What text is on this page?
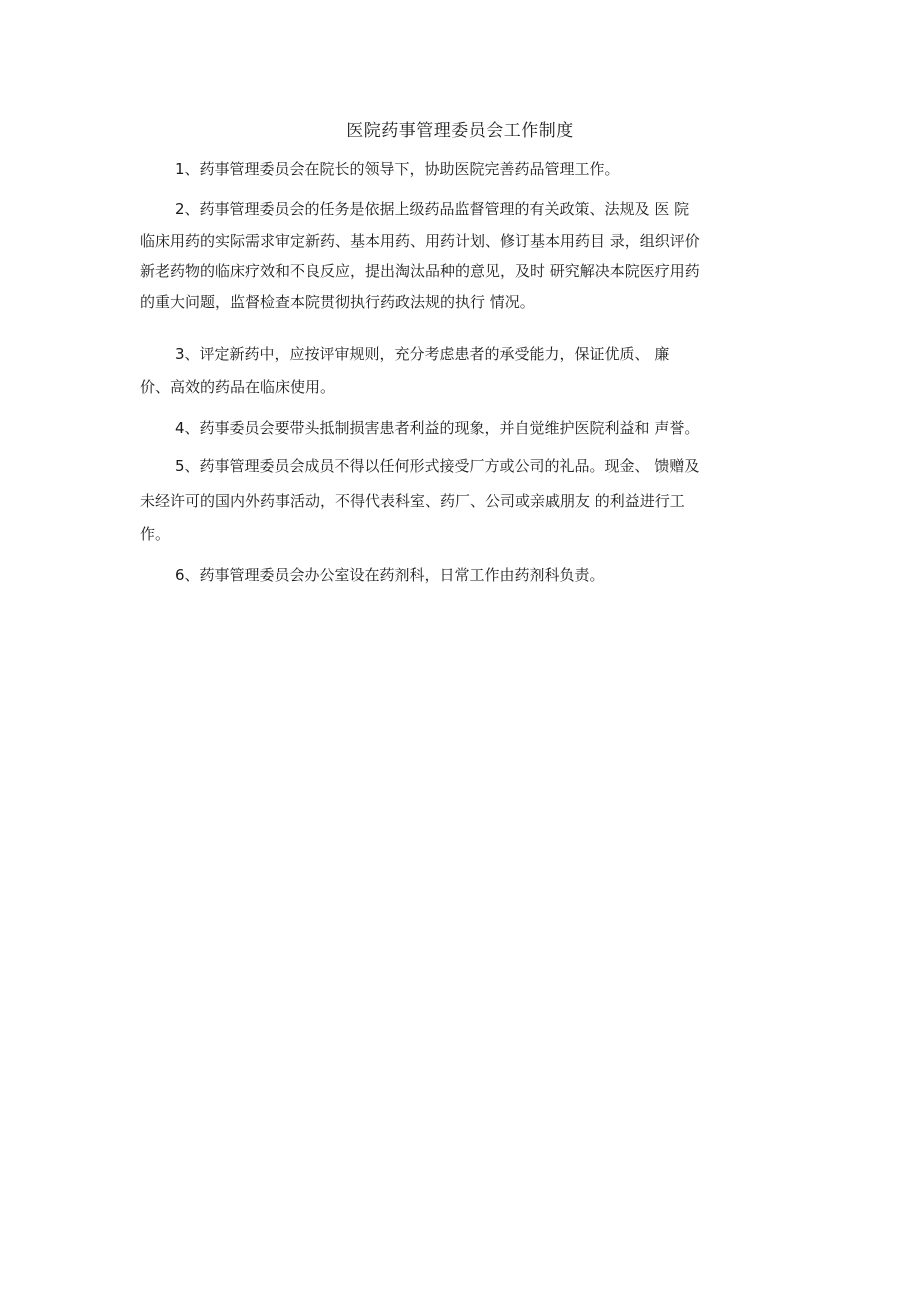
医院药事管理委员会工作制度
1、药事管理委员会在院长的领导下，协助医院完善药品管理工作。
2、药事管理委员会的任务是依据上级药品监督管理的有关政策、法规及 医 院
临床用药的实际需求审定新药、基本用药、用药计划、修订基本用药目 录，组织评价
新老药物的临床疗效和不良反应，提出淘汰品种的意见，及时 研究解决本院医疗用药
的重大问题，监督检查本院贯彻执行药政法规的执行 情况。
3、评定新药中，应按评审规则，充分考虑患者的承受能力，保证优质、 廉
价、高效的药品在临床使用。
4、药事委员会要带头抵制损害患者利益的现象，并自觉维护医院利益和 声誉。
5、药事管理委员会成员不得以任何形式接受厂方或公司的礼品。现金、 馈赠及
未经许可的国内外药事活动，不得代表科室、药厂、公司或亲戚朋友 的利益进行工
作。
6、药事管理委员会办公室设在药剂科，日常工作由药剂科负责。
